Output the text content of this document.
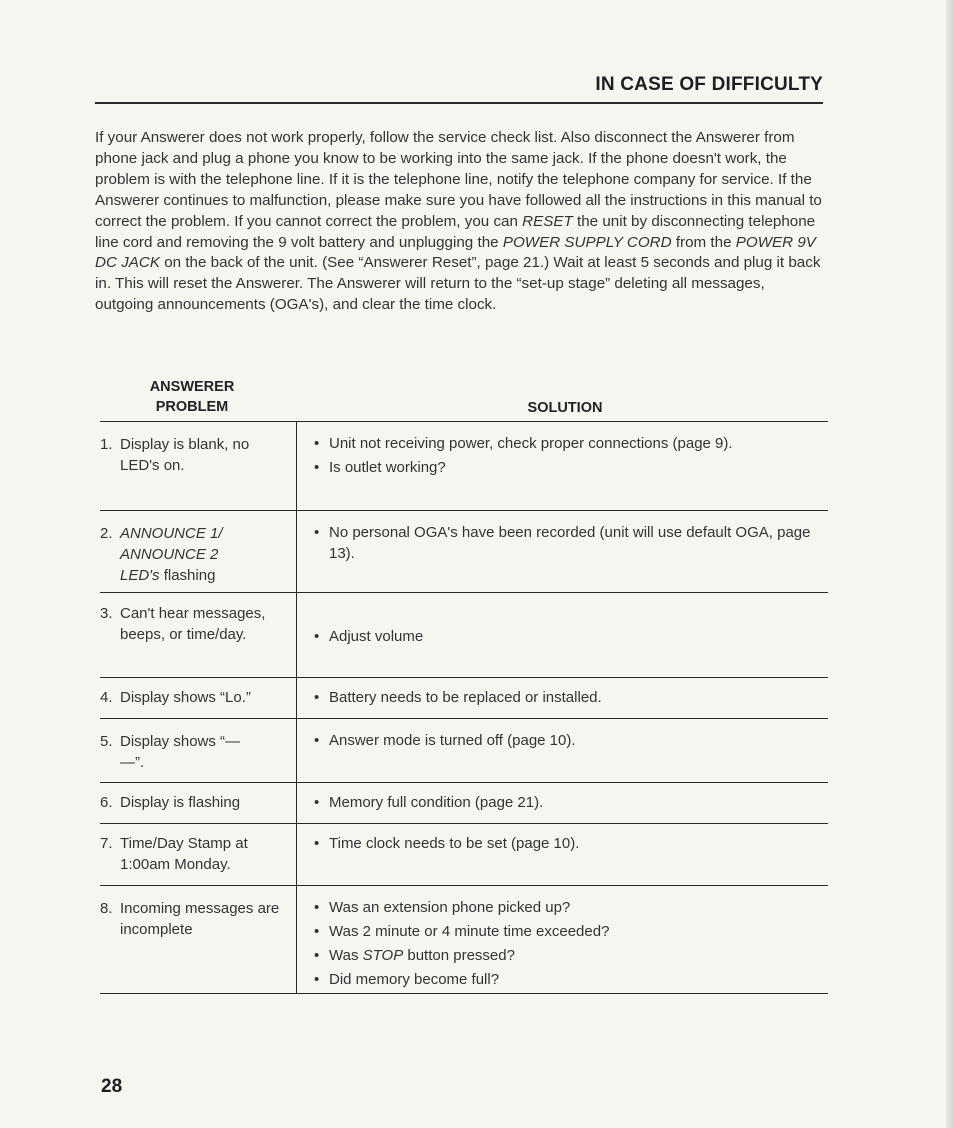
IN CASE OF DIFFICULTY
If your Answerer does not work properly, follow the service check list. Also disconnect the Answerer from phone jack and plug a phone you know to be working into the same jack. If the phone doesn't work, the problem is with the telephone line. If it is the telephone line, notify the telephone company for service. If the Answerer continues to malfunction, please make sure you have followed all the instructions in this manual to correct the problem. If you cannot correct the problem, you can RESET the unit by disconnecting telephone line cord and removing the 9 volt battery and unplugging the POWER SUPPLY CORD from the POWER 9V DC JACK on the back of the unit. (See “Answerer Reset”, page 21.) Wait at least 5 seconds and plug it back in. This will reset the Answerer. The Answerer will return to the “set-up stage” deleting all messages, outgoing announcements (OGA's), and clear the time clock.
ANSWERER
PROBLEM	SOLUTION
1. Display is blank, no LED's on.
• Unit not receiving power, check proper connections (page 9).
• Is outlet working?
2. ANNOUNCE 1/
ANNOUNCE 2
LED's flashing
• No personal OGA's have been recorded (unit will use default OGA, page 13).
3. Can't hear messages, beeps, or time/day.	• Adjust volume
4. Display shows “Lo.”	• Battery needs to be replaced or installed.
5. Display shows “— —”.
• Answer mode is turned off (page 10).
6. Display is flashing	• Memory full condition (page 21).
7. Time/Day Stamp at 1:00am Monday.
• Time clock needs to be set (page 10).
8. Incoming messages are incomplete
• Was an extension phone picked up?
• Was 2 minute or 4 minute time exceeded?
• Was STOP button pressed?
• Did memory become full?
28
